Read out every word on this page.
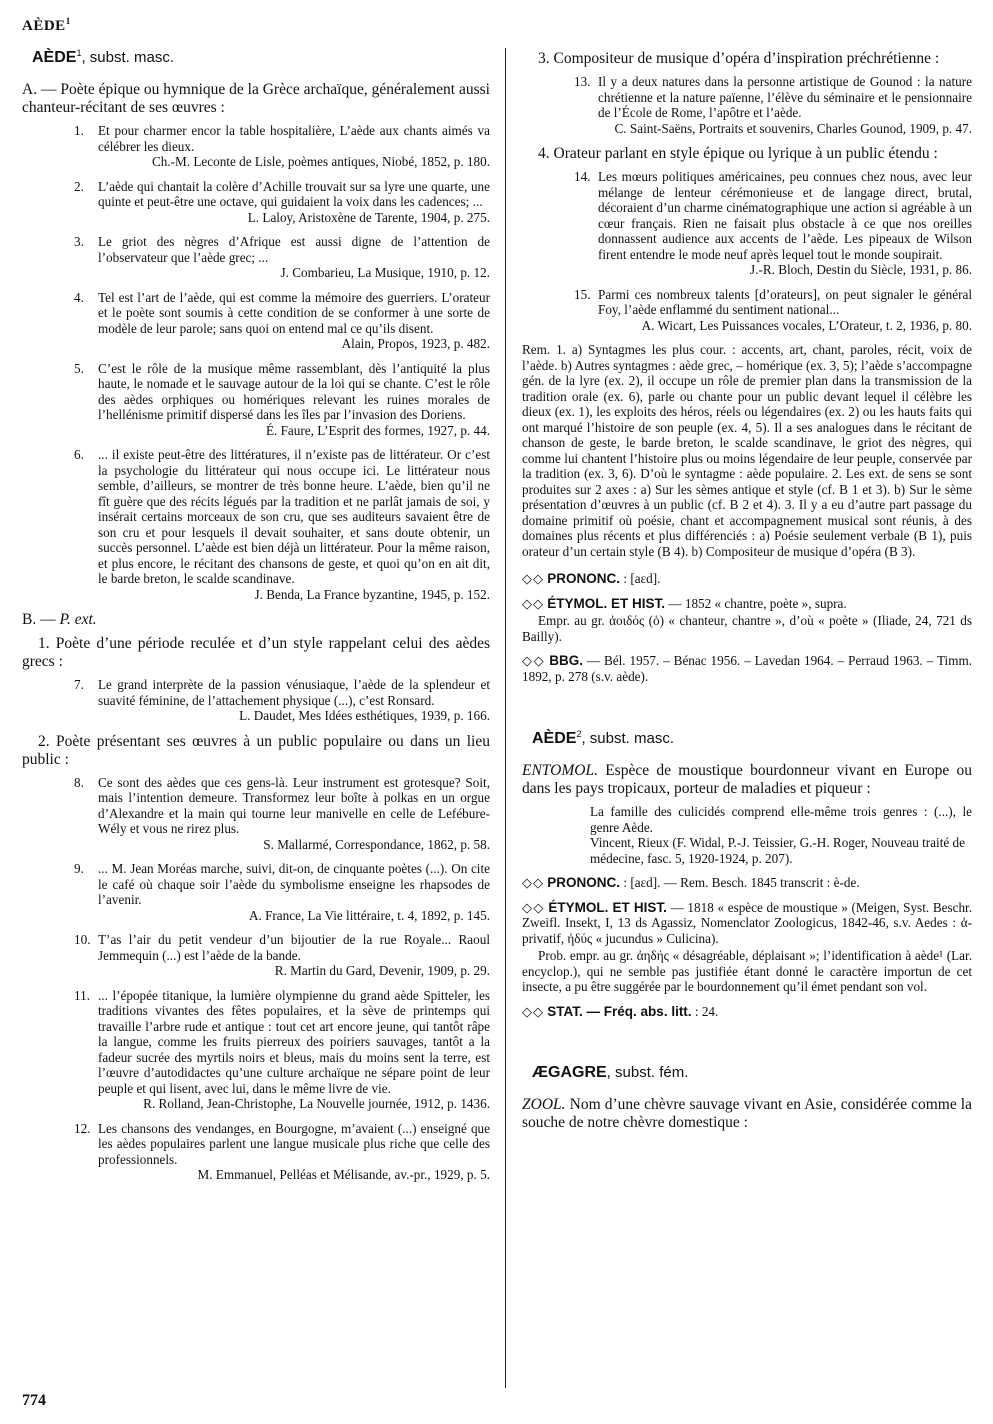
AÈDE$^1$
AÈDE$^1$, subst. masc.
A. — Poète épique ou hymnique de la Grèce archaïque, généralement aussi chanteur-récitant de ses œuvres :
1.	Et pour charmer encor la table hospitalière, L’aède aux chants aimés va célébrer les dieux.
Ch.-M. Leconte de Lisle, poèmes antiques, Niobé, 1852, p. 180.
2.	L’aède qui chantait la colère d’Achille trouvait sur sa lyre une quarte, une quinte et peut-être une octave, qui guidaient la voix dans les cadences; ...
L. Laloy, Aristoxène de Tarente, 1904, p. 275.
3.	Le griot des nègres d’Afrique est aussi digne de l’attention de l’observateur que l’aède grec; ...
J. Combarieu, La Musique, 1910, p. 12.
4.	Tel est l’art de l’aède, qui est comme la mémoire des guerriers. L’orateur et le poète sont soumis à cette condition de se conformer à une sorte de modèle de leur parole; sans quoi on entend mal ce qu’ils disent.
Alain, Propos, 1923, p. 482.
5.	C’est le rôle de la musique même rassemblant, dès l’antiquité la plus haute, le nomade et le sauvage autour de la loi qui se chante. C’est le rôle des aèdes orphiques ou homériques relevant les ruines morales de l’hellénisme primitif dispersé dans les îles par l’invasion des Doriens.
É. Faure, L’Esprit des formes, 1927, p. 44.
6.	... il existe peut-être des littératures, il n’existe pas de littérateur. Or c’est la psychologie du littérateur qui nous occupe ici. Le littérateur nous semble, d’ailleurs, se montrer de très bonne heure. L’aède, bien qu’il ne fît guère que des récits légués par la tradition et ne parlât jamais de soi, y insérait certains morceaux de son cru, que ses auditeurs savaient être de son cru et pour lesquels il devait souhaiter, et sans doute obtenir, un succès personnel. L’aède est bien déjà un littérateur. Pour la même raison, et plus encore, le récitant des chansons de geste, et quoi qu’on en ait dit, le barde breton, le scalde scandinave.
J. Benda, La France byzantine, 1945, p. 152.
B. — P. ext.
1. Poète d’une période reculée et d’un style rappelant celui des aèdes grecs :
7.	Le grand interprète de la passion vénusiaque, l’aède de la splendeur et suavité féminine, de l’attachement physique (...), c’est Ronsard.
L. Daudet, Mes Idées esthétiques, 1939, p. 166.
2. Poète présentant ses œuvres à un public populaire ou dans un lieu public :
8.	Ce sont des aèdes que ces gens-là. Leur instrument est grotesque? Soit, mais l’intention demeure. Transformez leur boîte à polkas en un orgue d’Alexandre et la main qui tourne leur manivelle en celle de Lefébure-Wély et vous ne rirez plus.
S. Mallarmé, Correspondance, 1862, p. 58.
9.	... M. Jean Moréas marche, suivi, dit-on, de cinquante poètes (...). On cite le café où chaque soir l’aède du symbolisme enseigne les rhapsodes de l’avenir.
A. France, La Vie littéraire, t. 4, 1892, p. 145.
10. T’as l’air du petit vendeur d’un bijoutier de la rue Royale... Raoul Jemmequin (...) est l’aède de la bande.
R. Martin du Gard, Devenir, 1909, p. 29.
11. ... l’épopée titanique, la lumière olympienne du grand aède Spitteler, les traditions vivantes des fêtes populaires, et la sève de printemps qui travaille l’arbre rude et antique : tout cet art encore jeune, qui tantôt râpe la langue, comme les fruits pierreux des poiriers sauvages, tantôt a la fadeur sucrée des myrtils noirs et bleus, mais du moins sent la terre, est l’œuvre d’autodidactes qu’une culture archaïque ne sépare point de leur peuple et qui lisent, avec lui, dans le même livre de vie.
R. Rolland, Jean-Christophe, La Nouvelle journée, 1912, p. 1436.
12. Les chansons des vendanges, en Bourgogne, m’avaient (...) enseigné que les aèdes populaires parlent une langue musicale plus riche que celle des professionnels.
M. Emmanuel, Pelléas et Mélisande, av.-pr., 1929, p. 5.
3. Compositeur de musique d’opéra d’inspiration préchrétienne :
13. Il y a deux natures dans la personne artistique de Gounod : la nature chrétienne et la nature païenne, l’élève du séminaire et le pensionnaire de l’École de Rome, l’apôtre et l’aède.
C. Saint-Saëns, Portraits et souvenirs, Charles Gounod, 1909, p. 47.
4. Orateur parlant en style épique ou lyrique à un public étendu :
14. Les mœurs politiques américaines, peu connues chez nous, avec leur mélange de lenteur cérémonieuse et de langage direct, brutal, décoraient d’un charme cinématographique une action si agréable à un cœur français. Rien ne faisait plus obstacle à ce que nos oreilles donnassent audience aux accents de l’aède. Les pipeaux de Wilson firent entendre le mode neuf après lequel tout le monde soupirait.
J.-R. Bloch, Destin du Siècle, 1931, p. 86.
15. Parmi ces nombreux talents [d’orateurs], on peut signaler le général Foy, l’aède enflammé du sentiment national...
A. Wicart, Les Puissances vocales, L’Orateur, t. 2, 1936, p. 80.
Rem. 1. a) Syntagmes les plus cour. : accents, art, chant, paroles, récit, voix de l’aède. b) Autres syntagmes : aède grec, – homérique (ex. 3, 5); l’aède s’accompagne gén. de la lyre (ex. 2), il occupe un rôle de premier plan dans la transmission de la tradition orale (ex. 6), parle ou chante pour un public devant lequel il célèbre les dieux (ex. 1), les exploits des héros, réels ou légendaires (ex. 2) ou les hauts faits qui ont marqué l’histoire de son peuple (ex. 4, 5). Il a ses analogues dans le récitant de chanson de geste, le barde breton, le scalde scandinave, le griot des nègres, qui comme lui chantent l’histoire plus ou moins légendaire de leur peuple, conservée par la tradition (ex. 3, 6). D’où le syntagme : aède populaire. 2. Les ext. de sens se sont produites sur 2 axes : a) Sur les sèmes antique et style (cf. B 1 et 3). b) Sur le sème présentation d’œuvres à un public (cf. B 2 et 4). 3. Il y a eu d’autre part passage du domaine primitif où poésie, chant et accompagnement musical sont réunis, à des domaines plus récents et plus différenciés : a) Poésie seulement verbale (B 1), puis orateur d’un certain style (B 4). b) Compositeur de musique d’opéra (B 3).
◇◇ PRONONC. : [aεd].
◇◇ ÉTYMOL. ET HIST. — 1852 « chantre, poète », supra.
Empr. au gr. ἀοιδός (ὁ) « chanteur, chantre », d’où « poète » (Iliade, 24, 721 ds Bailly).
◇◇ BBG. — Bél. 1957. – Bénac 1956. – Lavedan 1964. – Perraud 1963. – Timm. 1892, p. 278 (s.v. aède).
AÈDE$^2$, subst. masc.
ENTOMOL. Espèce de moustique bourdonneur vivant en Europe ou dans les pays tropicaux, porteur de maladies et piqueur :
La famille des culicidés comprend elle-même trois genres : (...), le genre Aède.
Vincent, Rieux (F. Widal, P.-J. Teissier, G.-H. Roger, Nouveau traité de médecine, fasc. 5, 1920-1924, p. 207).
◇◇ PRONONC. : [aεd]. — Rem. Besch. 1845 transcrit : è-de.
◇◇ ÉTYMOL. ET HIST. — 1818 « espèce de moustique » (Meigen, Syst. Beschr. Zweifl. Insekt, I, 13 ds Agassiz, Nomenclator Zoologicus, 1842-46, s.v. Aedes : ἀ- privatif, ἠδύς « jucundus » Culicina).
Prob. empr. au gr. ἀηδής « désagréable, déplaisant »; l’identification à aède¹ (Lar. encyclop.), qui ne semble pas justifiée étant donné le caractère importun de cet insecte, a pu être suggérée par le bourdonnement qu’il émet pendant son vol.
◇◇ STAT. — Fréq. abs. litt. : 24.
ÆGAGRE, subst. fém.
ZOOL. Nom d’une chèvre sauvage vivant en Asie, considérée comme la souche de notre chèvre domestique :
774
